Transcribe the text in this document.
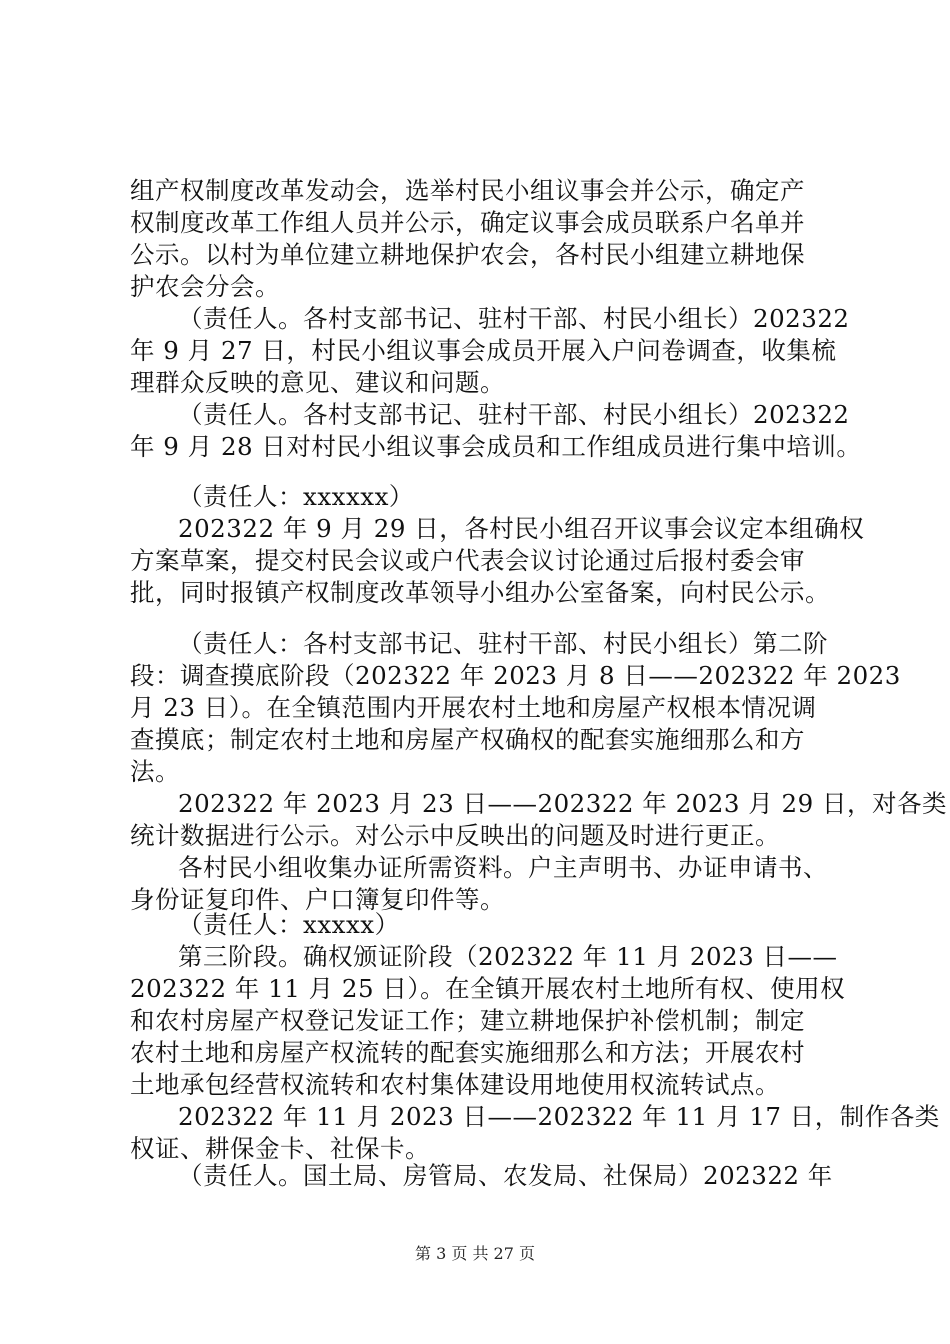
组产权制度改革发动会，选举村民小组议事会并公示，确定产
权制度改革工作组人员并公示，确定议事会成员联系户名单并
公示。以村为单位建立耕地保护农会，各村民小组建立耕地保
护农会分会。
（责任人。各村支部书记、驻村干部、村民小组长）202322
年 9 月 27 日，村民小组议事会成员开展入户问卷调查，收集梳
理群众反映的意见、建议和问题。
（责任人。各村支部书记、驻村干部、村民小组长）202322
年 9 月 28 日对村民小组议事会成员和工作组成员进行集中培训。
（责任人：xxxxxx）
202322 年 9 月 29 日，各村民小组召开议事会议定本组确权
方案草案，提交村民会议或户代表会议讨论通过后报村委会审
批，同时报镇产权制度改革领导小组办公室备案，向村民公示。
（责任人：各村支部书记、驻村干部、村民小组长）第二阶
段：调查摸底阶段（202322 年 2023 月 8 日——202322 年 2023
月 23 日）。在全镇范围内开展农村土地和房屋产权根本情况调
查摸底；制定农村土地和房屋产权确权的配套实施细那么和方
法。
202322 年 2023 月 23 日——202322 年 2023 月 29 日，对各类
统计数据进行公示。对公示中反映出的问题及时进行更正。
各村民小组收集办证所需资料。户主声明书、办证申请书、
身份证复印件、户口簿复印件等。
（责任人：xxxxx）
第三阶段。确权颁证阶段（202322 年 11 月 2023 日——
202322 年 11 月 25 日）。在全镇开展农村土地所有权、使用权
和农村房屋产权登记发证工作；建立耕地保护补偿机制；制定
农村土地和房屋产权流转的配套实施细那么和方法；开展农村
土地承包经营权流转和农村集体建设用地使用权流转试点。
202322 年 11 月 2023 日——202322 年 11 月 17 日，制作各类
权证、耕保金卡、社保卡。
（责任人。国土局、房管局、农发局、社保局）202322 年
第 3 页 共 27 页
